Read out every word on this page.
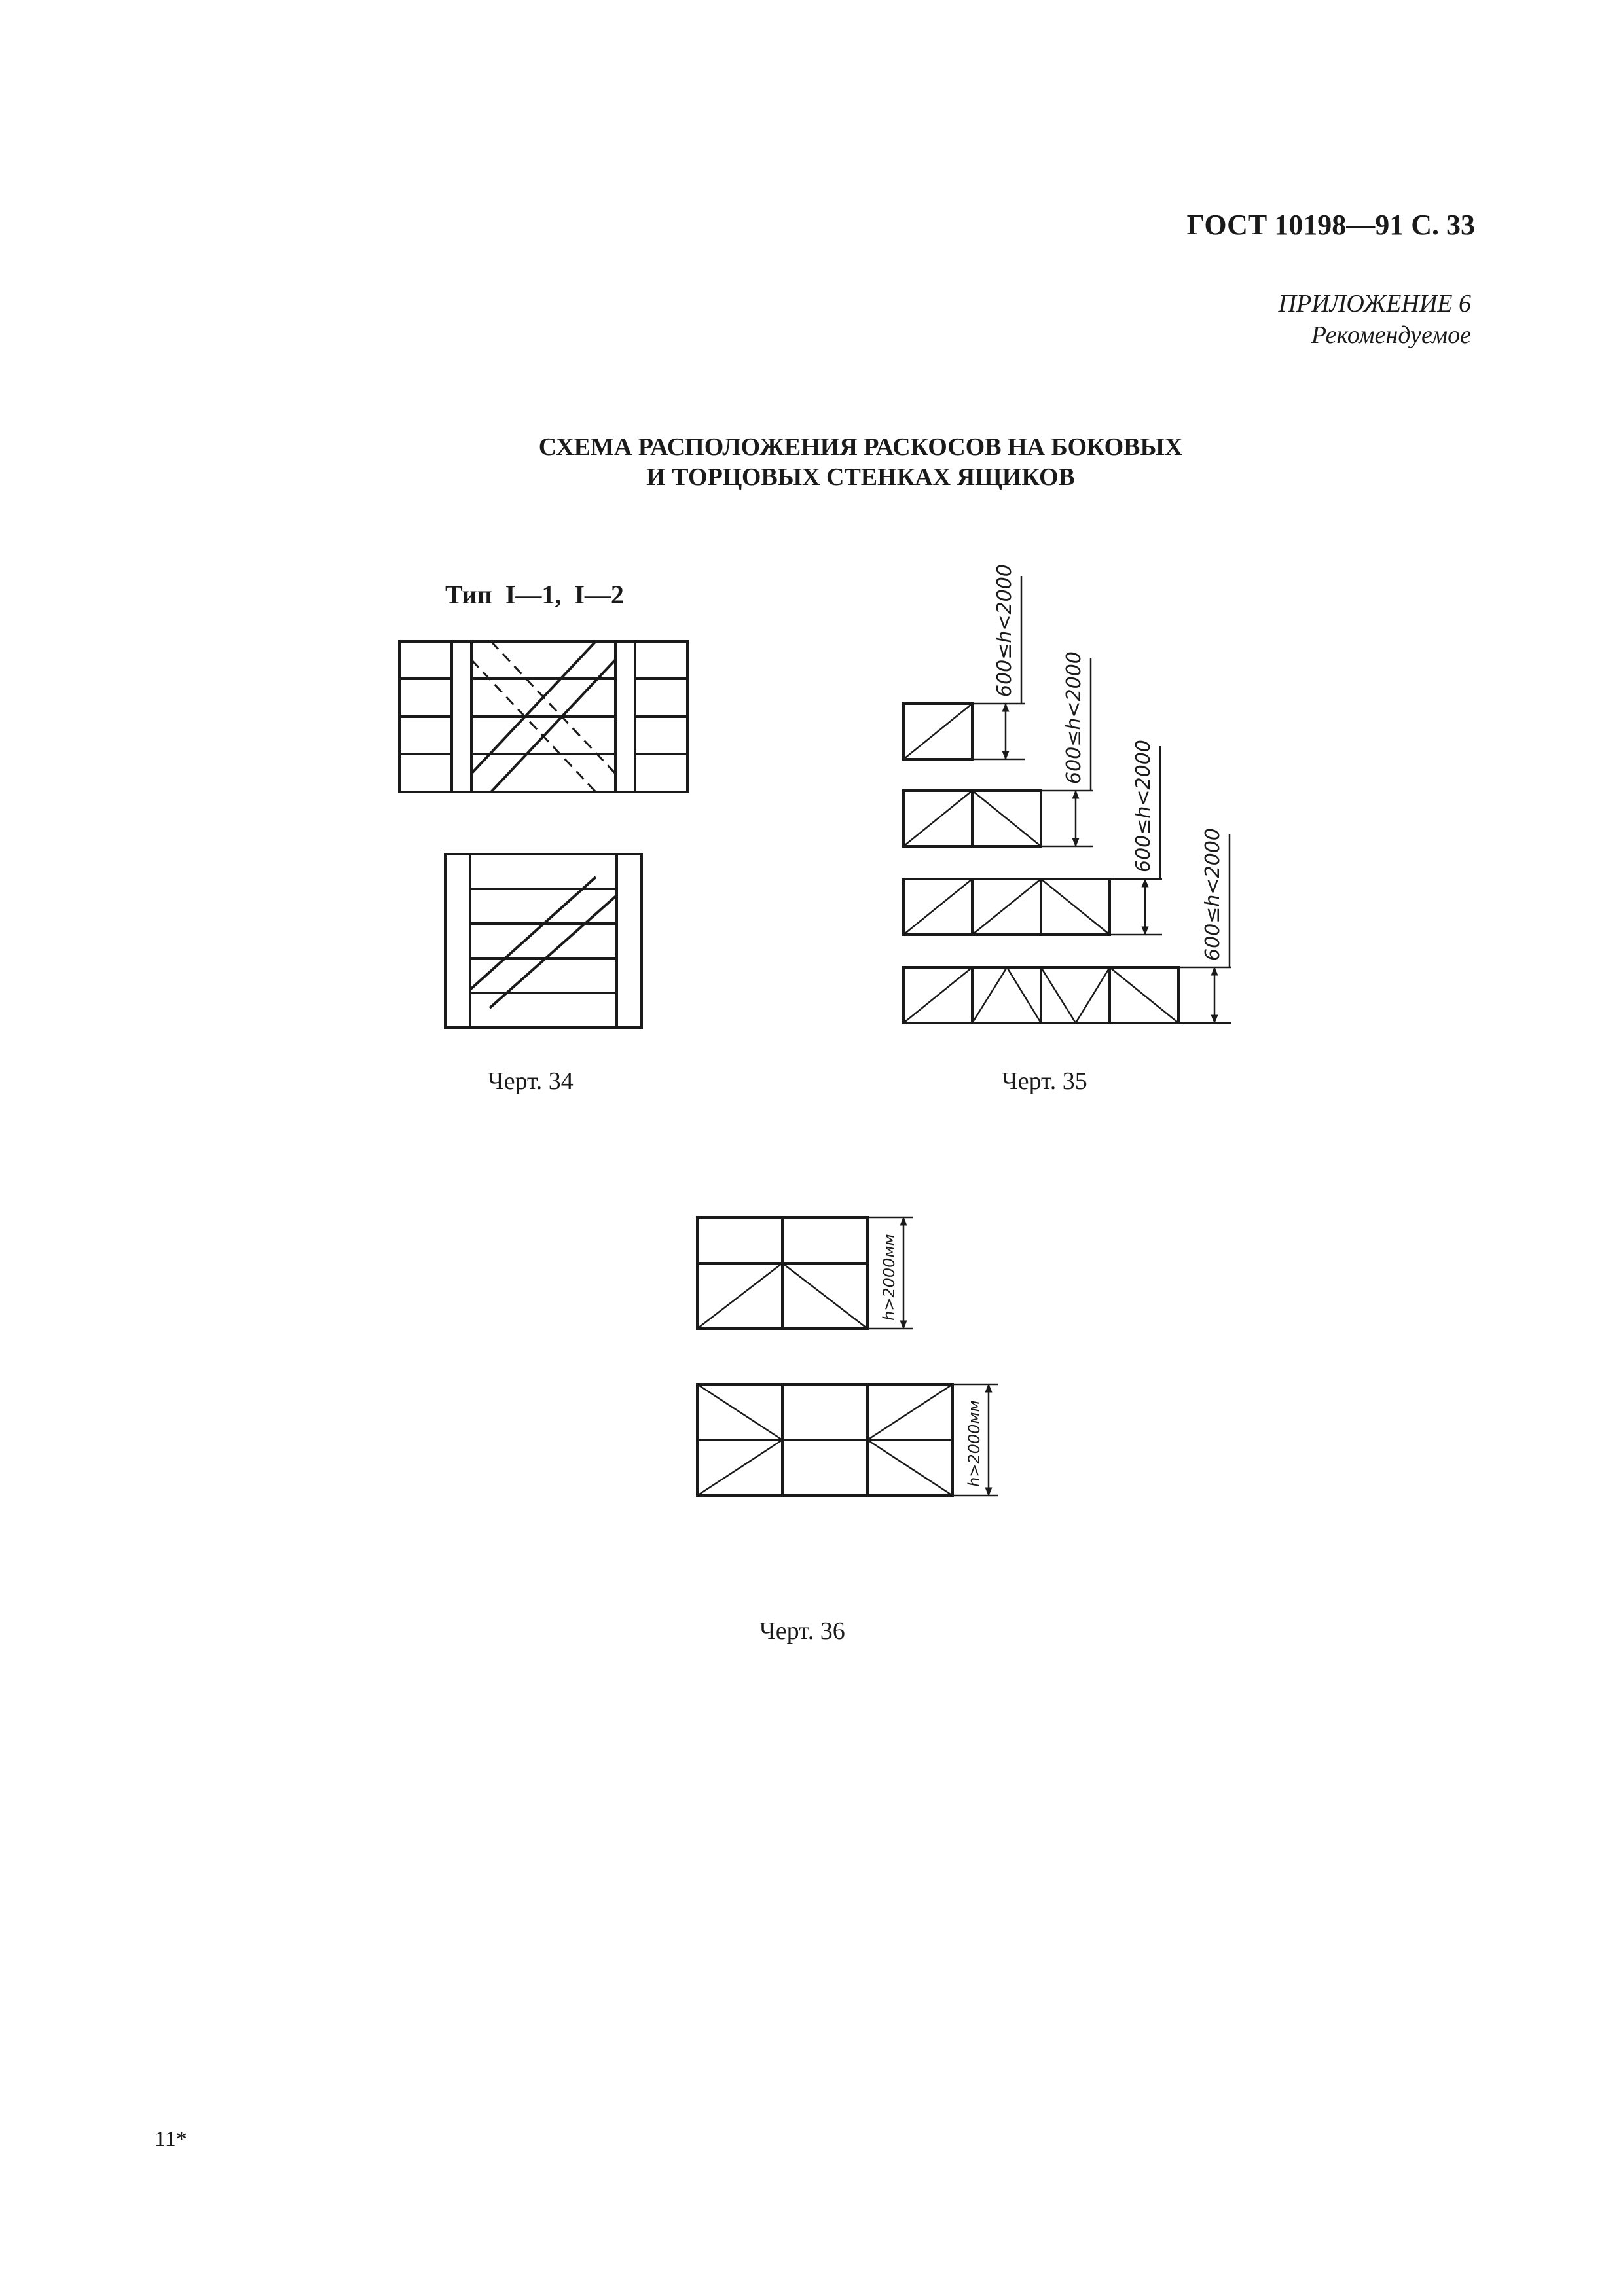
ГОСТ 10198—91 С. 33
ПРИЛОЖЕНИЕ 6
Рекомендуемое
СХЕМА РАСПОЛОЖЕНИЯ РАСКОСОВ НА БОКОВЫХ
И ТОРЦОВЫХ СТЕНКАХ ЯЩИКОВ
Тип I—1, I—2	600≤h<2000
600≤h<2000
600≤h<2000
600≤h<2000
h>2000мм
h>2000мм
Черт. 34	Черт. 35
Черт. 36
11*
